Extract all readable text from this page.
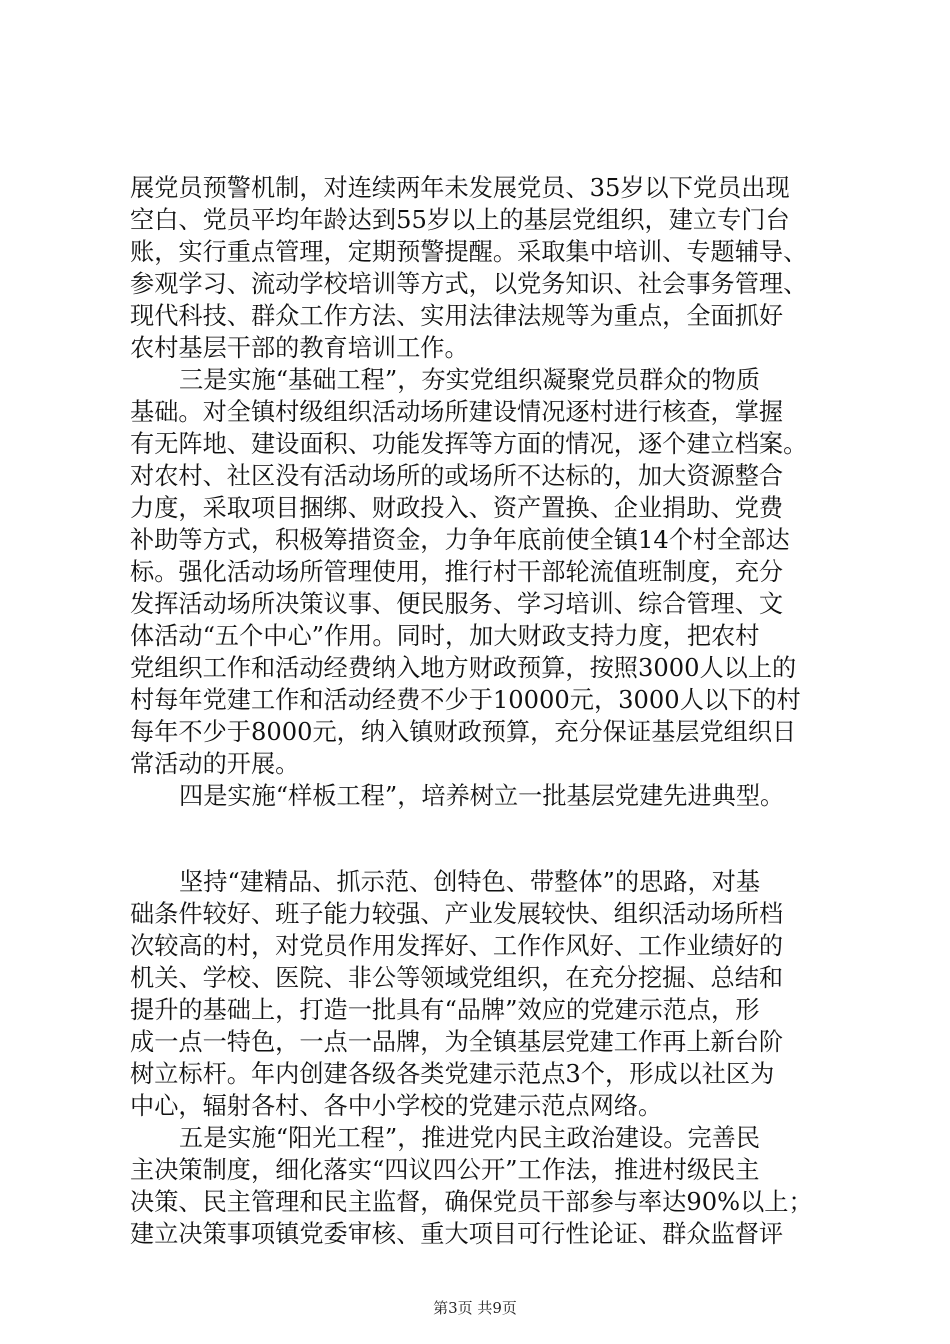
展党员预警机制，对连续两年未发展党员、35岁以下党员出现
空白、党员平均年龄达到55岁以上的基层党组织，建立专门台
账，实行重点管理，定期预警提醒。采取集中培训、专题辅导、
参观学习、流动学校培训等方式，以党务知识、社会事务管理、
现代科技、群众工作方法、实用法律法规等为重点，全面抓好
农村基层干部的教育培训工作。
三是实施“基础工程”，夯实党组织凝聚党员群众的物质
基础。对全镇村级组织活动场所建设情况逐村进行核查，掌握
有无阵地、建设面积、功能发挥等方面的情况，逐个建立档案。
对农村、社区没有活动场所的或场所不达标的，加大资源整合
力度，采取项目捆绑、财政投入、资产置换、企业捐助、党费
补助等方式，积极筹措资金，力争年底前使全镇14个村全部达
标。强化活动场所管理使用，推行村干部轮流值班制度，充分
发挥活动场所决策议事、便民服务、学习培训、综合管理、文
体活动“五个中心”作用。同时，加大财政支持力度，把农村
党组织工作和活动经费纳入地方财政预算，按照3000人以上的
村每年党建工作和活动经费不少于10000元，3000人以下的村
每年不少于8000元，纳入镇财政预算，充分保证基层党组织日
常活动的开展。
四是实施“样板工程”，培养树立一批基层党建先进典型。
坚持“建精品、抓示范、创特色、带整体”的思路，对基
础条件较好、班子能力较强、产业发展较快、组织活动场所档
次较高的村，对党员作用发挥好、工作作风好、工作业绩好的
机关、学校、医院、非公等领域党组织，在充分挖掘、总结和
提升的基础上，打造一批具有“品牌”效应的党建示范点，形
成一点一特色，一点一品牌，为全镇基层党建工作再上新台阶
树立标杆。年内创建各级各类党建示范点3个，形成以社区为
中心，辐射各村、各中小学校的党建示范点网络。
五是实施“阳光工程”，推进党内民主政治建设。完善民
主决策制度，细化落实“四议四公开”工作法，推进村级民主
决策、民主管理和民主监督，确保党员干部参与率达90%以上；
建立决策事项镇党委审核、重大项目可行性论证、群众监督评
第3页 共9页
